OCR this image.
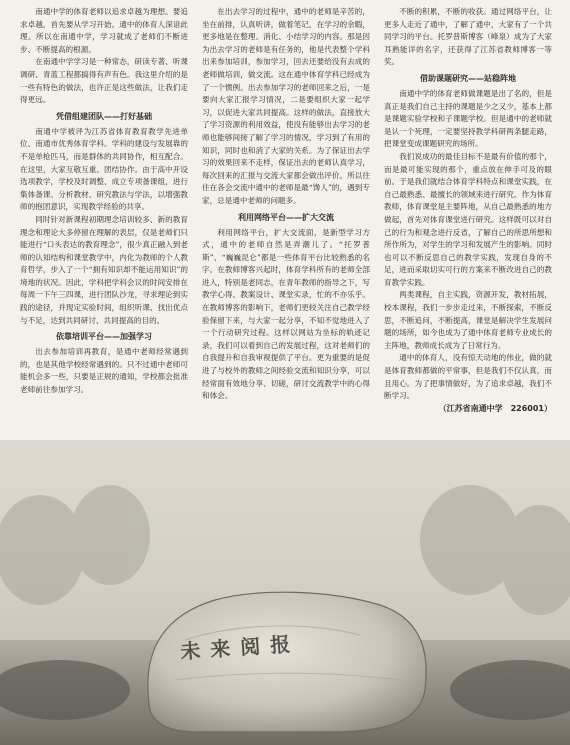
未来阅报

南通中学的体育老师以追求卓越为理想。要追求卓越，首先要从学习开始。通中的体育人深谙此理。所以在南通中学，学习就成了老师们不断进步、不断提高的根源。

在南通中学学习是一种常态，研读专著、听课调研、青蓝工程都搞得有声有色。我这里介绍的是一些有特色的做法，也许正是这些做法，让我们走得更远。

凭借组建团队——打好基础

南通中学被评为江苏省体育教育教学先进单位、南通市优秀体育学科。学科的建设与发展靠的不是单枪匹马，而是群体的共同协作，相互配合。在这里，大家互敬互重、团结协作。由于高中开设选项教学，学校及时调整、成立专项备课组，进行集体备课、分析教材、研究教法与学法，以增强教师的抱团意识，实现教学经验的共享。

同时针对新课程初期理念培训较多、新的教育理念和理论大多停留在理解的表层，仅是老师们只能进行“口头表达的教育理念”，很少真正融入到老师的认知结构和课堂教学中，内化为教师的个人教育哲学，步入了一个“拥有知识却不能运用知识”的境地的状况。因此，学科把学科会议的时间安排在每周一下午三四课，进行团队沙龙，寻求理论到实践的途径，并现定实验时间，组织听课、找出优点与不足，达到共同研讨、共同提高的目的。

依靠培训平台——加强学习

出去参加培训再教育，是通中老师经常遇到的，也是其他学校经常遇到的。只不过通中老师可能机会多一些，只要是正规的通知，学校都会批准老师前往参加学习。

在出去学习的过程中，通中的老师是辛苦的，坐在前排，认真听讲，做着笔记，在学习的余暇，更多地是在整理、消化、小结学习的内容。那是因为出去学习的老师是有任务的，他是代表整个学科出来参加培训，参加学习，回去还要给没有去成的老师做培训，做交流。这在通中体育学科已经成为了一个惯例。出去参加学习的老师回来之后，一是要向大家汇报学习情况，二是要组织大家一起学习，以促进大家共同提高。这样的做法，直接放大了学习资源的利用效益，使没有能够出去学习的老师也能够间接了解了学习的情况，学习到了有用的知识，同时也和消了大家的关系。为了保证出去学习的效果回来不走样，保证出去的老师认真学习，每次回来的汇报与交流大家都会做出评价。所以往往在各会交流中通中的老师是最“馋人”的，遇到专家，总是通中老师的问题多。

利用网络平台——扩大交流

利用网络平台，扩大交流面，是新型学习方式，通中的老师自然是弄潮儿了。“托罗普斯”、“巍巍昆仑”都是一些体育平台比较熟悉的名字。在教师博客兴起时，体育学科所有的老师全部进入，特别是老同志，在青年教师的指导之下，写教学心得、教案设计、课堂实录，忙的不亦乐乎。在教师博客的影响下，老师们更较关注自己教学经验保留下来，与大家一起分享，不知不觉地进入了一个行动研究过程。这样以网站为坐标的轨迹记录，我们可以看到自己的发展过程，这对老师们的自我提升和自我审视提供了平台。更为重要的是促进了与校外的教师之间经验交流和知识分享，可以经常面有效地分享、切磋，研讨交流教学中的心得和体会。

不断的积累，不断的收获。通过网络平台，让更多人走近了通中，了解了通中，大家有了一个共同学习的平台。托罗普斯博客（峰泉）成为了大家耳熟能详的名字，还获得了江苏省教师博客一等奖。

借助课题研究——站稳阵地

南通中学的体育老师做课题是出了名的，但是真正是我们自己主持的课题是少之又少，基本上都是课题实验学校和子课题学校。但是通中的老师就是认一个死理，一定要坚持教学科研两条腿走路，把课堂变成课题研究的场所。

我们说成功的最佳目标不是最有价值的那个，而是最可能实现的那个，重点放在伸手可及的眼前。于是我们就结合体育学科特点和课堂实践，在自己最熟悉、最擅长的领域来进行研究。作为体育教师，体育课堂是主要阵地，从自己最熟悉的地方做起，首先对体育课堂进行研究。这样既可以对自己的行为和观念进行反省，了解自己的所思所想和所作所为，对学生的学习和发展产生的影响。同时也可以不断反思自己的教学实践，发现自身的不足，进而采取切实可行的方案来不断改进自己的教育教学实践。

两类课程，自主实践，资源开发，教材拓展，校本课程，我们一步步走过来，不断探索，不断反思，不断追问，不断提高，课堂是解决学生发展问题的场所，如今也成为了通中体育老师专业成长的主阵地，教师成长成为了日常行为。

通中的体育人，没有惊天动地的伟业，做的就是体育教师都做的平常事，但是我们不仅认真，而且用心。为了把事情做好，为了追求卓越，我们不断学习。

（江苏省南通中学　226001）
